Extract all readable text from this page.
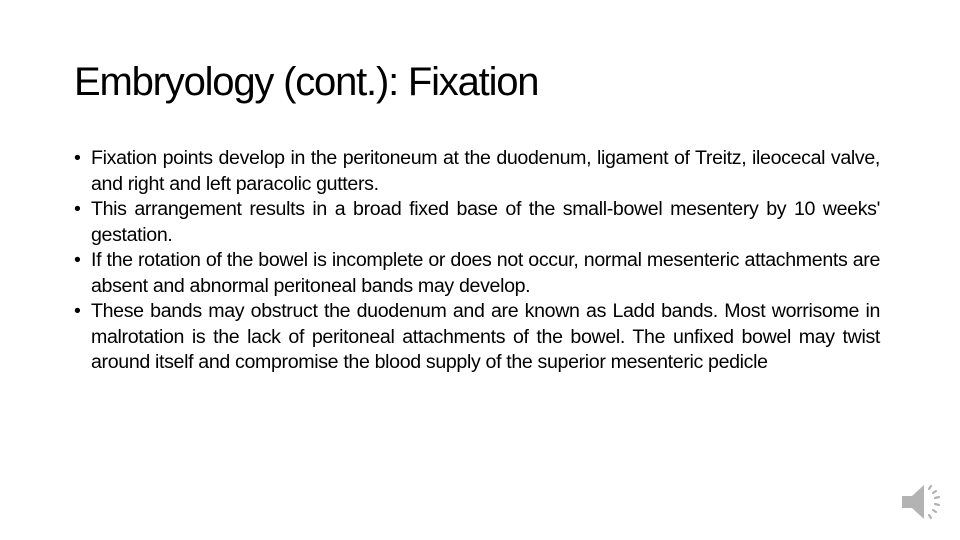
Embryology (cont.): Fixation
• Fixation points develop in the peritoneum at the duodenum, ligament of Treitz, ileocecal valve, and right and left paracolic gutters.
• This arrangement results in a broad fixed base of the small-bowel mesentery by 10 weeks' gestation.
• If the rotation of the bowel is incomplete or does not occur, normal mesenteric attachments are absent and abnormal peritoneal bands may develop.
• These bands may obstruct the duodenum and are known as Ladd bands. Most worrisome in malrotation is the lack of peritoneal attachments of the bowel. The unfixed bowel may twist around itself and compromise the blood supply of the superior mesenteric pedicle
